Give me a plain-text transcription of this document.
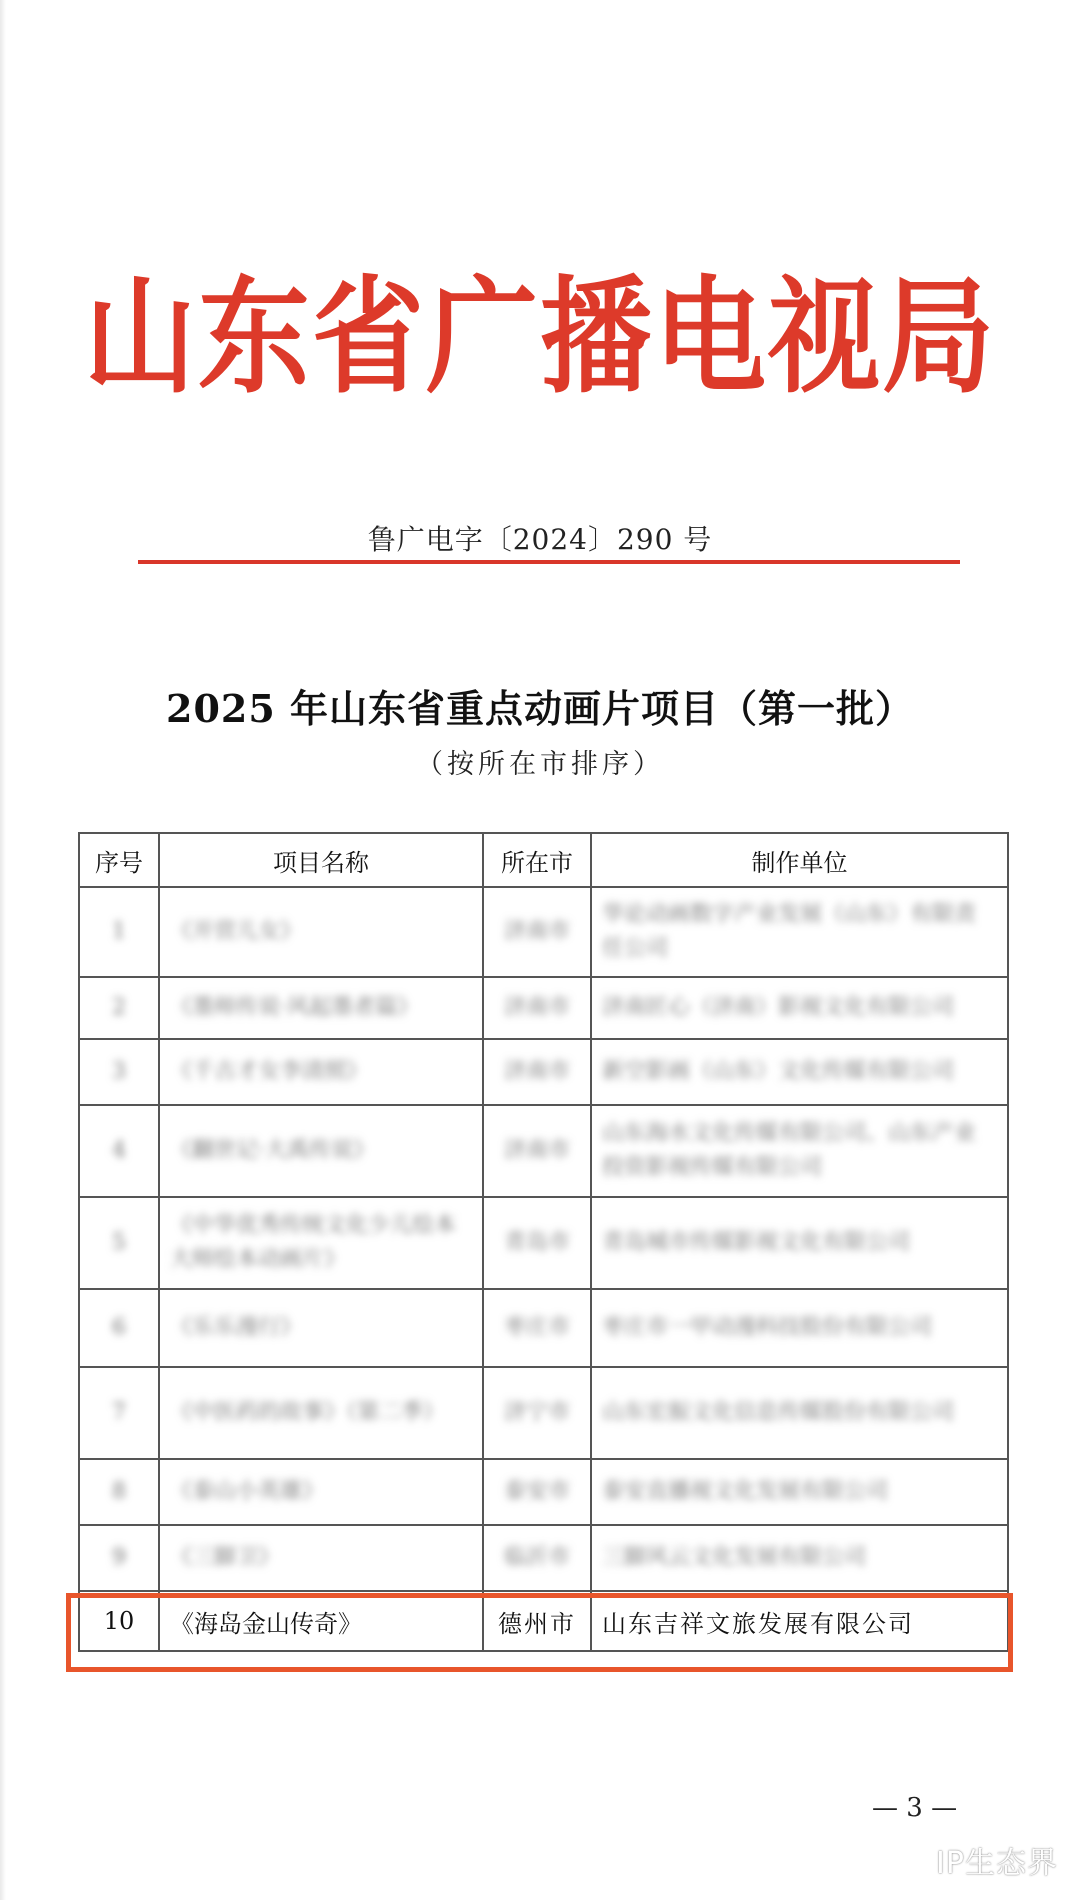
山东省广播电视局
鲁广电字〔2024〕290 号
2025 年山东省重点动画片项目（第一批）
（按所在市排序）
序号	项目名称	所在市	制作单位

1	《开营儿女》	济南市	华论动画数字产业发展（山东）有限责任公司

2	《墨师传说·风起墨者篇》	济南市	济南匠心（济南）影视文化有限公司

3	《千古才女李清照》	济南市	新空影画（山东）文化传媒有限公司

4	《翻世记·大禹传说》	济南市	山东海水文化传媒有限公司、山东产业投资影视传媒有限公司

5	《中华优秀传统文化少儿绘本大师绘本动画片》	青岛市	青岛城市传媒影视文化有限公司

6	《乐乐漫行》	枣庄市	枣庄市一甲动漫科技股份有限公司

7	《中医药的故事》（第二季）	济宁市	山东宏振文化信息传媒股份有限公司

8	《泰山小英雄》	泰安市	泰安直播视文化发展有限公司

9	《三脚卫》	临沂市	三脚风云文化发展有限公司

10	《海岛金山传奇》	德州市	山东吉祥文旅发展有限公司
— 3 —
IP生态界
